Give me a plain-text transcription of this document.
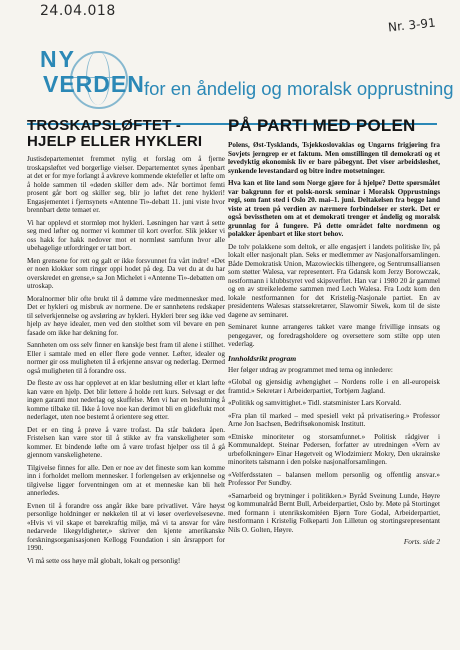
24.04.018
Nr. 3-91
NY
VERDEN for en åndelig og moralsk opprustning
TROSKAPSLØFTET - HJELP ELLER HYKLERI

Justisdepartementet fremmet nylig et forslag om å fjerne troskapsløftet ved borgerlige vielser. Departementet synes åpenbart at det er for mye forlangt å avkreve kommende ektefeller et løfte om å holde sammen til «døden skiller dem ad». Når bortimot femti prosent går bort og skiller seg, blir jo løftet det rene hykleri! Engasjementet i fjernsynets «Antenne Ti»-debatt 11. juni viste hvor brennbart dette temaet er.

Vi har opplevd et stormløp mot hykleri. Løsningen har vært å sette seg med løfter og normer vi kommer til kort overfor. Slik jekker vi oss hakk for hakk nedover mot et normløst samfunn hvor alle ubehagelige utfordringer er tatt bort.

Men grensene for rett og galt er ikke forsvunnet fra vårt indre! «Det er noen klokker som ringer oppi hodet på deg. Da vet du at du har overskredet en grense,» sa Jon Michelet i «Antenne Ti»-debatten om utroskap.

Moralnormer blir ofte brukt til å dømme våre medmennesker med. Det er hykleri og misbruk av normene. De er sannhetens redskaper til selverkjennelse og avsløring av hykleri. Hykleri brer seg ikke ved hjelp av høye idealer, men ved den stolthet som vil bevare en pen fasade om ikke har dekning for.

Sannheten om oss selv finner en kanskje best fram til alene i stillhet. Eller i samtale med en eller flere gode venner. Løfter, idealer og normer gir oss muligheten til å erkjenne ansvar og nederlag. Dermed også muligheten til å forandre oss.

De fleste av oss har opplevet at en klar beslutning eller et klart løfte kan være en hjelp. Det blir lettere å holde rett kurs. Selvsagt er det ingen garanti mot nederlag og skuffelse. Men vi har en beslutning å komme tilbake til. Ikke å love noe kan derimot bli en glideflukt mot nederlaget, uten noe bestemt å orientere seg etter.

Det er en ting å prøve å være trofast. Da står bakdøra åpen. Fristelsen kan være stor til å stikke av fra vanskeligheter som kommer. Et bindende løfte om å være trofast hjelper oss til å gå gjennom vanskelighetene.

Tilgivelse finnes for alle. Den er noe av det fineste som kan komme inn i forholdet mellom mennesker. I forlengelsen av erkjennelse og tilgivelse ligger forventningen om at et menneske kan bli helt annerledes.

Evnen til å forandre oss angår ikke bare privatlivet. Våre høyst personlige holdninger er nøkkelen til at vi løser overlevelsesevne. «Hvis vi vil skape et bærekraftig miljø, må vi ta ansvar for våre nedarvede likegyldigheter,» skriver den kjente amerikanske forskningsorganisasjonen Kellogg Foundation i sin årsrapport for 1990.

Vi må sette oss høye mål globalt, lokalt og personlig!

PÅ PARTI MED POLEN

Polens, Øst-Tysklands, Tsjekkoslovakias og Ungarns frigjøring fra Sovjets jerngrep er et faktum. Men omstillingen til demokrati og et levedyktig økonomisk liv er bare påbegynt. Det viser arbeidsløshet, synkende levestandard og bitre indre motsetninger.

Hva kan et lite land som Norge gjøre for å hjelpe? Dette spørsmålet var bakgrunn for et polsk-norsk seminar i Moralsk Opprustnings regi, som fant sted i Oslo 20. mai–1. juni. Deltakelsen fra begge land viste at troen på verdien av nærmere forbindelser er sterk. Det er også bevisstheten om at et demokrati trenger et åndelig og moralsk grunnlag for å fungere. På dette området følte nordmenn og polakker åpenbart et like stort behov.

De tolv polakkene som deltok, er alle engasjert i landets politiske liv, på lokalt eller nasjonalt plan. Seks er medlemmer av Nasjonalforsamlingen. Både Demokratisk Union, Mazowieckis tilhengere, og Sentrumsalliansen som støtter Walesa, var representert. Fra Gdansk kom Jerzy Borowczak, nestformann i klubbstyret ved skipsverftet. Han var i 1980 20 år gammel og en av streikeledeme sammen med Lech Walesa. Fra Lodz kom den lokale nestformannen for det Kristelig-Nasjonale partiet. En av presidentens Walesas statssekretærer, Slawomir Siwek, kom til de siste dagene av seminaret.

Seminaret kunne arrangeres takket være mange frivillige innsats og pengegaver, og foredragsholdere og oversettere som stilte opp uten vederlag.

Innholdsrikt program

Her følger utdrag av programmet med tema og innledere:

«Global og gjensidig avhengighet – Nordens rolle i en all-europeisk framtid.» Sekretær i Arbeiderpartiet, Torbjørn Jagland.

«Politikk og samvittighet.» Tidl. statsminister Lars Korvald.

«Fra plan til marked – med spesiell vekt på privatisering.» Professor Arne Jon Isachsen, Bedriftsøkonomisk Institutt.

«Etniske minoriteter og storsamfunnet.» Politisk rådgiver i Kommunaldept. Steinar Pedersen, forfatter av utredningen «Vern av urbefolkninger» Einar Høgetveit og Wlodzimierz Mokry, Den ukrainske minoritets talsmann i den polske nasjonalforsamlingen.

«Velferdsstaten – balansen mellom personlig og offentlig ansvar.» Professor Per Sundby.

«Samarbeid og brytninger i politikken.» Byråd Sveinung Lunde, Høyre og kommunalråd Bernt Bull, Arbeiderpartiet, Oslo by. Møte på Stortinget med formann i utenrikskomitéen Bjørn Tore Godal, Arbeiderpartiet, nestformann i Kristelig Folkeparti Jon Lilletun og stortingsrepresentant Nils O. Golten, Høyre.

Forts. side 2
